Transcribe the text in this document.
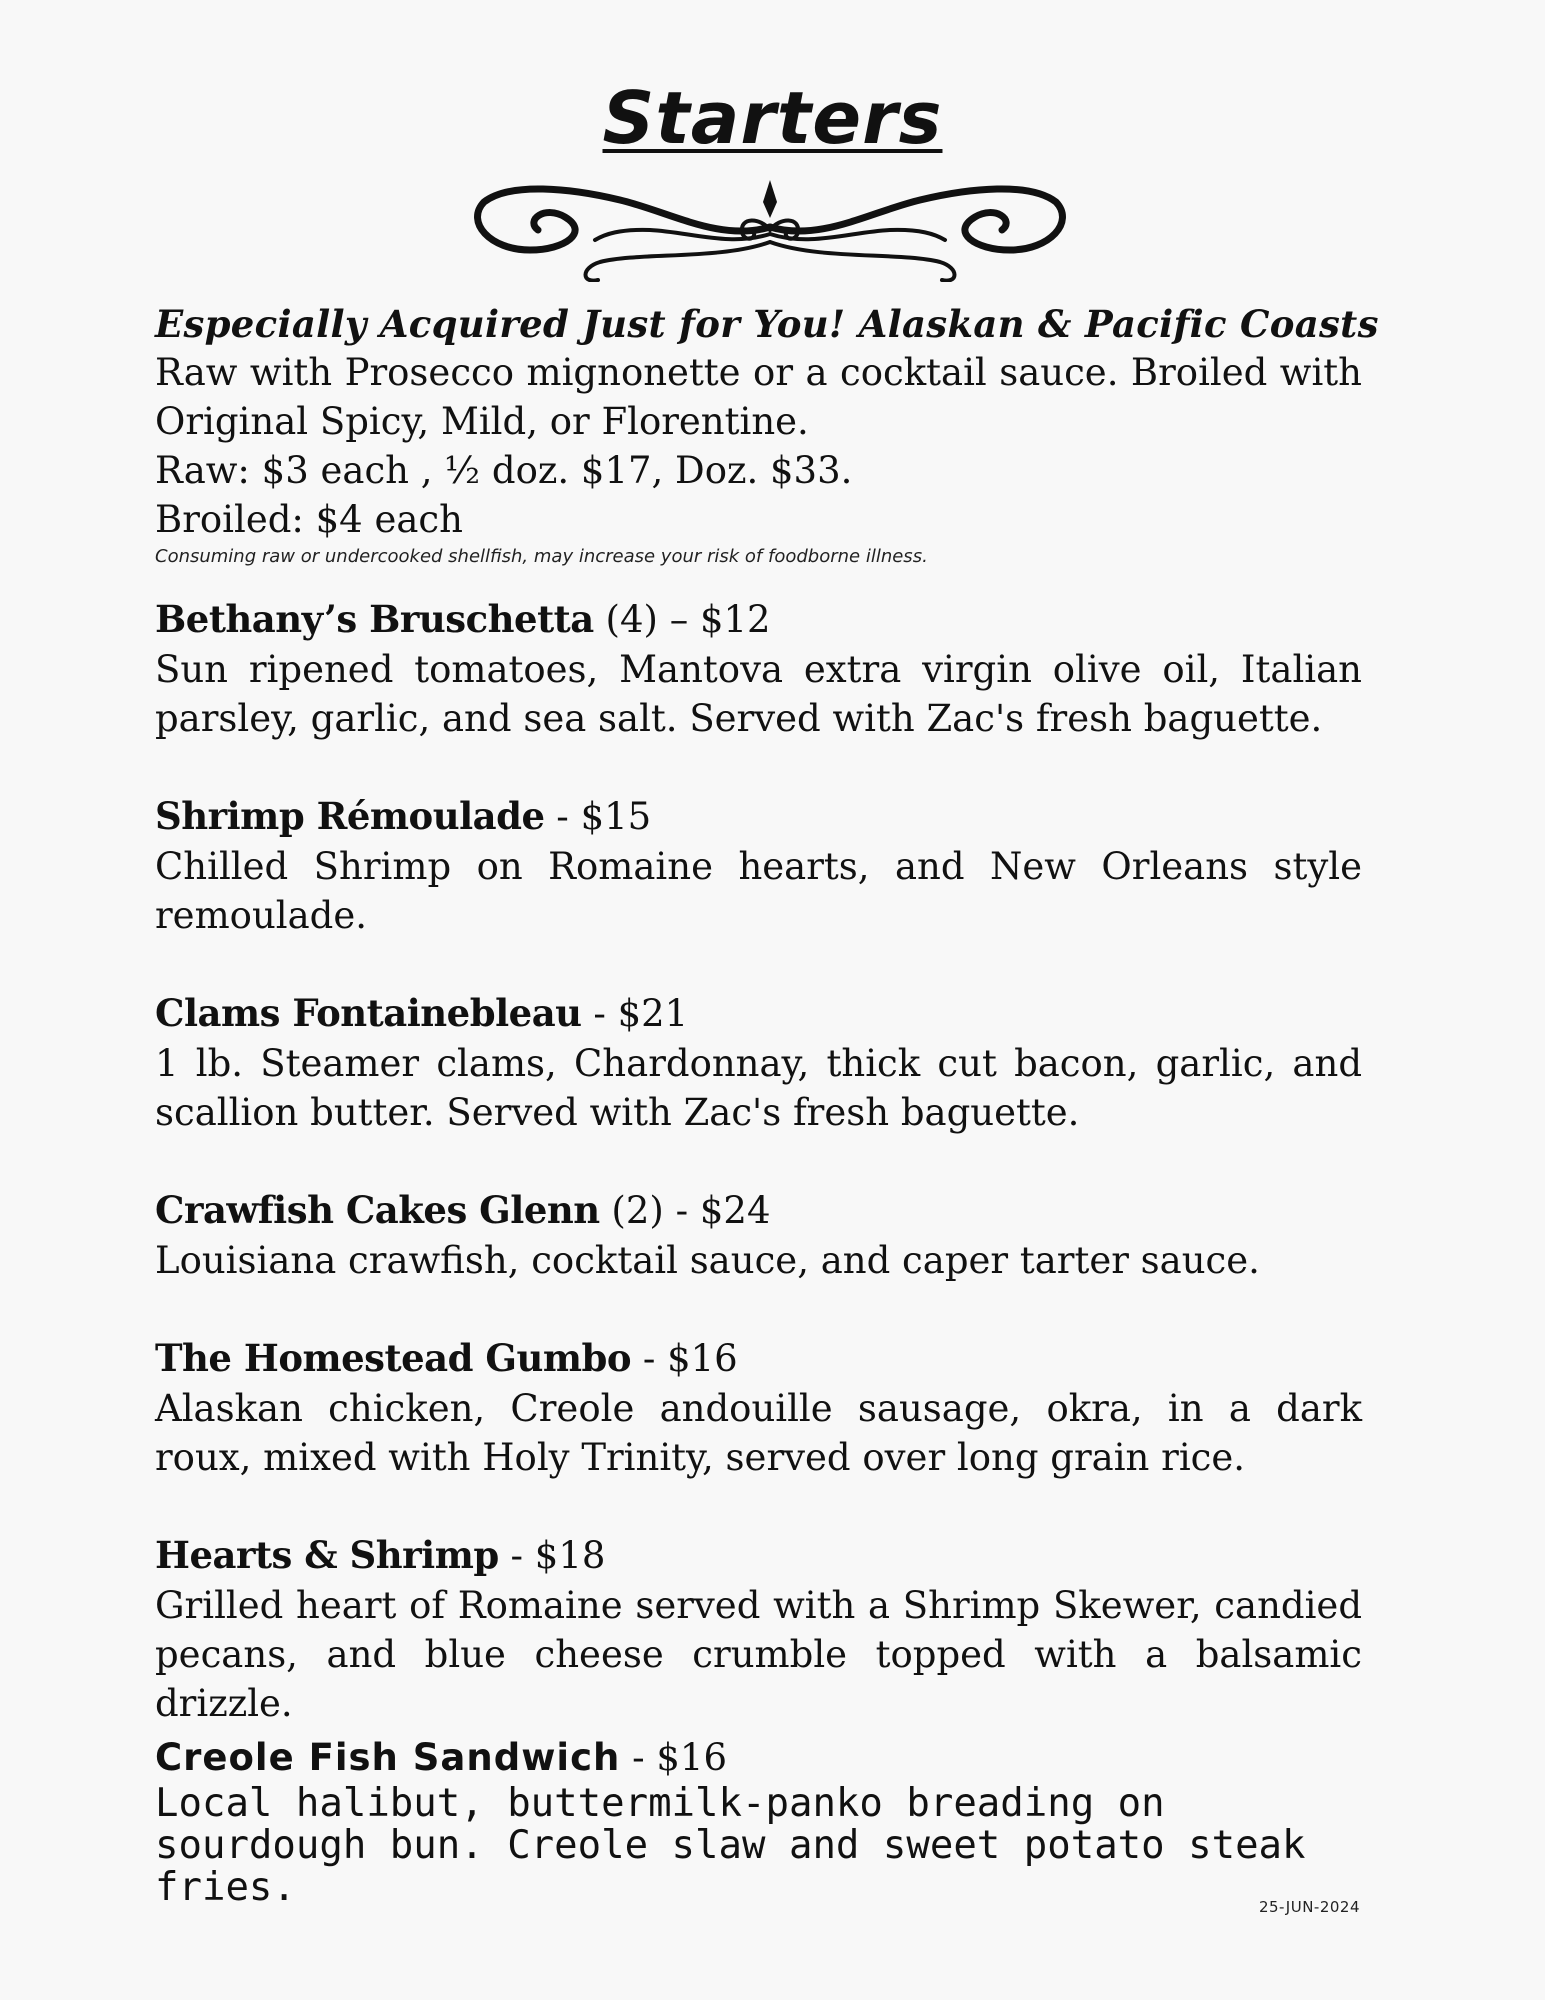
Starters

Especially Acquired Just for You! Alaskan & Pacific Coasts

Raw with Prosecco mignonette or a cocktail sauce. Broiled with Original Spicy, Mild, or Florentine.

Raw: $3 each , ½ doz. $17, Doz. $33.

Broiled: $4 each

Consuming raw or undercooked shellfish, may increase your risk of foodborne illness.

Bethany’s Bruschetta (4) – $12

Sun ripened tomatoes, Mantova extra virgin olive oil, Italian parsley, garlic, and sea salt. Served with Zac's fresh baguette.

Shrimp Rémoulade - $15

Chilled Shrimp on Romaine hearts, and New Orleans style remoulade.

Clams Fontainebleau - $21

1 lb. Steamer clams, Chardonnay, thick cut bacon, garlic, and scallion butter. Served with Zac's fresh baguette.

Crawfish Cakes Glenn (2) - $24

Louisiana crawfish, cocktail sauce, and caper tarter sauce.

The Homestead Gumbo - $16

Alaskan chicken, Creole andouille sausage, okra, in a dark roux, mixed with Holy Trinity, served over long grain rice.

Hearts & Shrimp - $18

Grilled heart of Romaine served with a Shrimp Skewer, candied pecans, and blue cheese crumble topped with a balsamic drizzle.

Creole Fish Sandwich - $16

Local halibut, buttermilk-panko breading on sourdough bun. Creole slaw and sweet potato steak fries.	25-JUN-2024
